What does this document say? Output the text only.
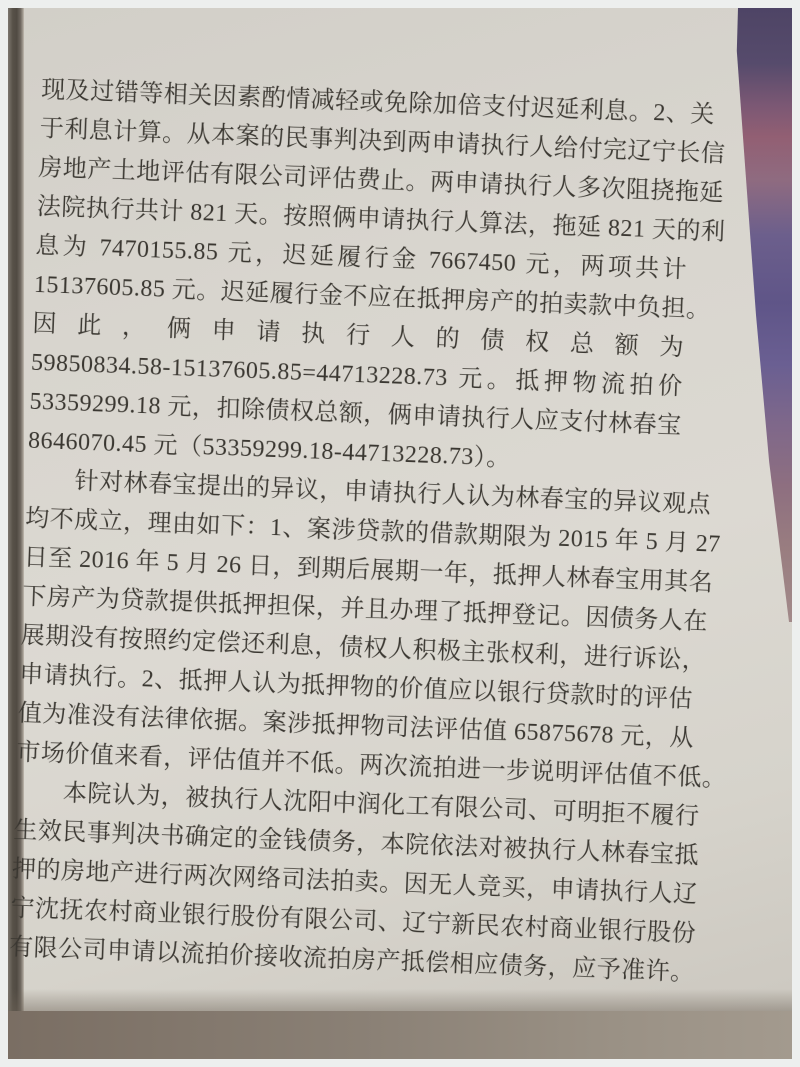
现及过错等相关因素酌情减轻或免除加倍支付迟延利息。2、关
于利息计算。从本案的民事判决到两申请执行人给付完辽宁长信
房地产土地评估有限公司评估费止。两申请执行人多次阻挠拖延
法院执行共计 821 天。按照俩申请执行人算法，拖延 821 天的利
息为 7470155.85 元，迟延履行金 7667450 元，两项共计
15137605.85 元。迟延履行金不应在抵押房产的拍卖款中负担。
因此，俩申请执行人的债权总额为
59850834.58-15137605.85=44713228.73 元。抵押物流拍价
53359299.18 元，扣除债权总额，俩申请执行人应支付林春宝
8646070.45 元（53359299.18-44713228.73）。
针对林春宝提出的异议，申请执行人认为林春宝的异议观点
均不成立，理由如下：1、案涉贷款的借款期限为 2015 年 5 月 27
日至 2016 年 5 月 26 日，到期后展期一年，抵押人林春宝用其名
下房产为贷款提供抵押担保，并且办理了抵押登记。因债务人在
展期没有按照约定偿还利息，债权人积极主张权利，进行诉讼，
申请执行。2、抵押人认为抵押物的价值应以银行贷款时的评估
值为准没有法律依据。案涉抵押物司法评估值 65875678 元，从
市场价值来看，评估值并不低。两次流拍进一步说明评估值不低。
本院认为，被执行人沈阳中润化工有限公司、可明拒不履行
生效民事判决书确定的金钱债务，本院依法对被执行人林春宝抵
押的房地产进行两次网络司法拍卖。因无人竞买，申请执行人辽
宁沈抚农村商业银行股份有限公司、辽宁新民农村商业银行股份
有限公司申请以流拍价接收流拍房产抵偿相应债务，应予准许。
